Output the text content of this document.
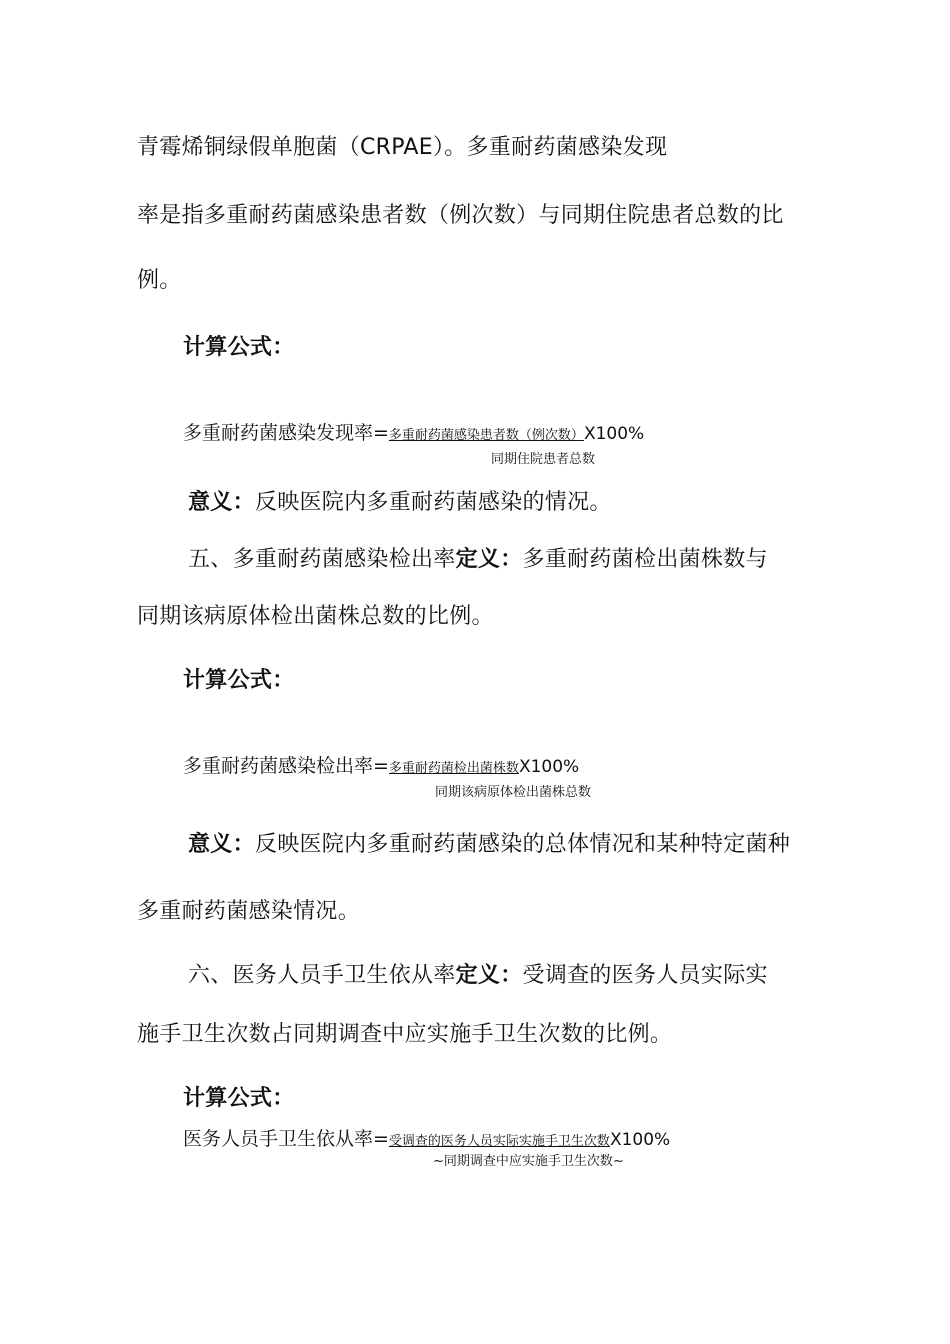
青霉烯铜绿假单胞菌（CRPAE）。多重耐药菌感染发现
率是指多重耐药菌感染患者数（例次数）与同期住院患者总数的比
例。
计算公式：
多重耐药菌感染发现率=多重耐药菌感染患者数（例次数）X100%
同期住院患者总数
意义：反映医院内多重耐药菌感染的情况。
五、多重耐药菌感染检出率定义：多重耐药菌检出菌株数与
同期该病原体检出菌株总数的比例。
计算公式：
多重耐药菌感染检出率=多重耐药菌检出菌株数X100%
同期该病原体检出菌株总数
意义：反映医院内多重耐药菌感染的总体情况和某种特定菌种
多重耐药菌感染情况。
六、医务人员手卫生依从率定义：受调查的医务人员实际实
施手卫生次数占同期调查中应实施手卫生次数的比例。
计算公式：
医务人员手卫生依从率=受调查的医务人员实际实施手卫生次数X100%
~同期调查中应实施手卫生次数~
